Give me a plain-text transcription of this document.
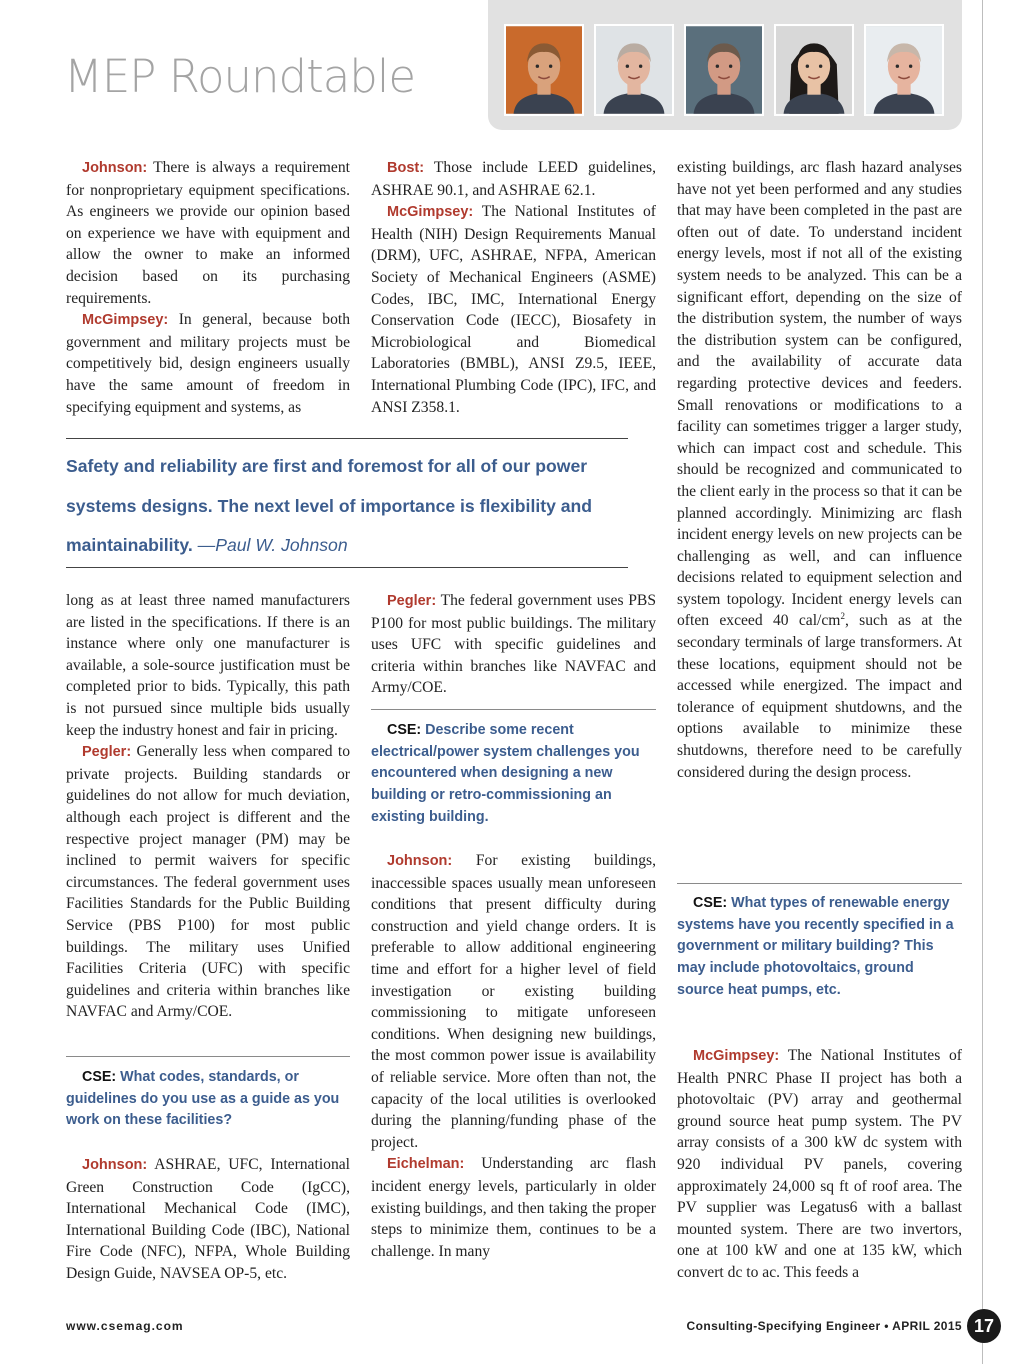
MEP Roundtable

Johnson: There is always a requirement for nonproprietary equipment specifications. As engineers we provide our opinion based on experience we have with equipment and allow the owner to make an informed decision based on its purchasing requirements.

McGimpsey: In general, because both government and military projects must be competitively bid, design engineers usually have the same amount of freedom in specifying equipment and systems, as

Bost: Those include LEED guidelines, ASHRAE 90.1, and ASHRAE 62.1.

McGimpsey: The National Institutes of Health (NIH) Design Requirements Manual (DRM), UFC, ASHRAE, NFPA, American Society of Mechanical Engineers (ASME) Codes, IBC, IMC, International Energy Conservation Code (IECC), Biosafety in Microbiological and Biomedical Laboratories (BMBL), ANSI Z9.5, IEEE, International Plumbing Code (IPC), IFC, and ANSI Z358.1.

Safety and reliability are first and foremost for all of our power systems designs. The next level of importance is flexibility and maintainability. —Paul W. Johnson

long as at least three named manufacturers are listed in the specifications. If there is an instance where only one manufacturer is available, a sole-source justification must be completed prior to bids. Typically, this path is not pursued since multiple bids usually keep the industry honest and fair in pricing.

Pegler: Generally less when compared to private projects. Building standards or guidelines do not allow for much deviation, although each project is different and the respective project manager (PM) may be inclined to permit waivers for specific circumstances. The federal government uses Facilities Standards for the Public Building Service (PBS P100) for most public buildings. The military uses Unified Facilities Criteria (UFC) with specific guidelines and criteria within branches like NAVFAC and Army/COE.

CSE: What codes, standards, or guidelines do you use as a guide as you work on these facilities?

Johnson: ASHRAE, UFC, International Green Construction Code (IgCC), International Mechanical Code (IMC), International Building Code (IBC), National Fire Code (NFC), NFPA, Whole Building Design Guide, NAVSEA OP-5, etc.

Pegler: The federal government uses PBS P100 for most public buildings. The military uses UFC with specific guidelines and criteria within branches like NAVFAC and Army/COE.

CSE: Describe some recent electrical/power system challenges you encountered when designing a new building or retro-commissioning an existing building.

Johnson: For existing buildings, inaccessible spaces usually mean unforeseen conditions that present difficulty during construction and yield change orders. It is preferable to allow additional engineering time and effort for a higher level of field investigation or existing building commissioning to mitigate unforeseen conditions. When designing new buildings, the most common power issue is availability of reliable service. More often than not, the capacity of the local utilities is overlooked during the planning/funding phase of the project.

Eichelman: Understanding arc flash incident energy levels, particularly in older existing buildings, and then taking the proper steps to minimize them, continues to be a challenge. In many

existing buildings, arc flash hazard analyses have not yet been performed and any studies that may have been completed in the past are often out of date. To understand incident energy levels, most if not all of the existing system needs to be analyzed. This can be a significant effort, depending on the size of the distribution system, the number of ways the distribution system can be configured, and the availability of accurate data regarding protective devices and feeders. Small renovations or modifications to a facility can sometimes trigger a larger study, which can impact cost and schedule. This should be recognized and communicated to the client early in the process so that it can be planned accordingly. Minimizing arc flash incident energy levels on new projects can be challenging as well, and can influence decisions related to equipment selection and system topology. Incident energy levels can often exceed 40 cal/$cm^2$, such as at the secondary terminals of large transformers. At these locations, equipment should not be accessed while energized. The impact and tolerance of equipment shutdowns, and the options available to minimize these shutdowns, therefore need to be carefully considered during the design process.

CSE: What types of renewable energy systems have you recently specified in a government or military building? This may include photovoltaics, ground source heat pumps, etc.

McGimpsey: The National Institutes of Health PNRC Phase II project has both a photovoltaic (PV) array and geothermal ground source heat pump system. The PV array consists of a 300 kW dc system with 920 individual PV panels, covering approximately 24,000 sq ft of roof area. The PV supplier was Legatus6 with a ballast mounted system. There are two invertors, one at 100 kW and one at 135 kW, which convert dc to ac. This feeds a

www.csemag.com	Consulting-Specifying Engineer • APRIL 2015 17
